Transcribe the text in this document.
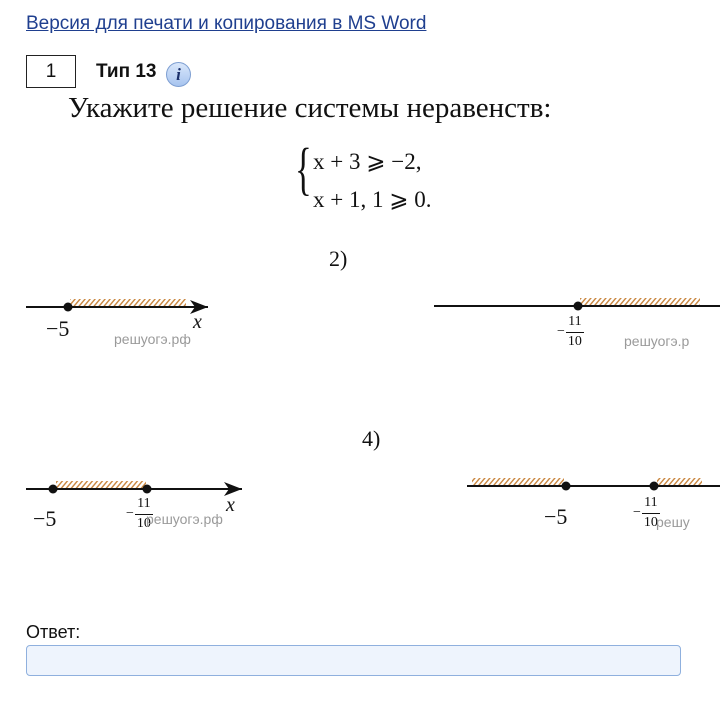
Версия для печати и копирования в MS Word
1 Тип 13 i
Укажите решение системы неравенств:
{ x + 3 ⩾ −2,
x + 1, 1 ⩾ 0.
2)
4)
−5	x
решуогэ.рф	− $\frac{11}{10}$	решуогэ.р
−5	− $\frac{11}{10}$	x
решуогэ.рф	−5	− $\frac{11}{10}$
решу
Ответ:
